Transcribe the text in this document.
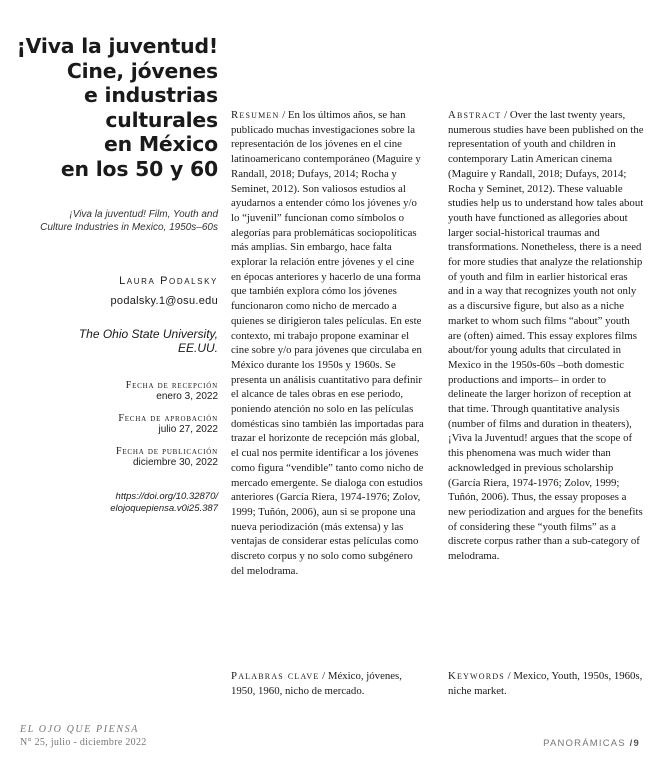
¡Viva la juventud!
Cine, jóvenes
e industrias
culturales
en México
en los 50 y 60
¡Viva la juventud! Film, Youth and
Culture Industries in Mexico, 1950s–60s
Laura Podalsky
podalsky.1@osu.edu
The Ohio State University,
EE.UU.
Fecha de recepción
enero 3, 2022
Fecha de aprobación
julio 27, 2022
Fecha de publicación
diciembre 30, 2022
https://doi.org/10.32870/
elojoquepiensa.v0i25.387

Resumen / En los últimos años, se han publicado muchas investigaciones sobre la representación de los jóvenes en el cine latinoamericano contemporáneo (Maguire y Randall, 2018; Dufays, 2014; Rocha y Seminet, 2012). Son valiosos estudios al ayudarnos a entender cómo los jóvenes y/o lo “juvenil” funcionan como símbolos o alegorías para problemáticas sociopolíticas más amplias. Sin embargo, hace falta explorar la relación entre jóvenes y el cine en épocas anteriores y hacerlo de una forma que también explora cómo los jóvenes funcionaron como nicho de mercado a quienes se dirigieron tales películas. En este contexto, mi trabajo propone examinar el cine sobre y/o para jóvenes que circulaba en México durante los 1950s y 1960s. Se presenta un análisis cuantitativo para definir el alcance de tales obras en ese periodo, poniendo atención no solo en las películas domésticas sino también las importadas para trazar el horizonte de recepción más global, el cual nos permite identificar a los jóvenes como figura “vendible” tanto como nicho de mercado emergente. Se dialoga con estudios anteriores (García Riera, 1974-1976; Zolov, 1999; Tuñón, 2006), aun si se propone una nueva periodización (más extensa) y las ventajas de considerar estas películas como discreto corpus y no solo como subgénero del melodrama.

Abstract / Over the last twenty years, numerous studies have been published on the representation of youth and children in contemporary Latin American cinema (Maguire y Randall, 2018; Dufays, 2014; Rocha y Seminet, 2012). These valuable studies help us to understand how tales about youth have functioned as allegories about larger social-historical traumas and transformations. Nonetheless, there is a need for more studies that analyze the relationship of youth and film in earlier historical eras and in a way that recognizes youth not only as a discursive figure, but also as a niche market to whom such films “about” youth are (often) aimed. This essay explores films about/for young adults that circulated in Mexico in the 1950s-60s –both domestic productions and imports– in order to delineate the larger horizon of reception at that time. Through quantitative analysis (number of films and duration in theaters), ¡Viva la Juventud! argues that the scope of this phenomena was much wider than acknowledged in previous scholarship (García Riera, 1974-1976; Zolov, 1999; Tuñón, 2006). Thus, the essay proposes a new periodization and argues for the benefits of considering these “youth films” as a discrete corpus rather than a sub-category of melodrama.

Palabras clave / México, jóvenes, 1950, 1960, nicho de mercado.
Keywords / Mexico, Youth, 1950s, 1960s, niche market.
EL OJO QUE PIENSA
N° 25, julio - diciembre 2022	PANORÁMICAS /9
